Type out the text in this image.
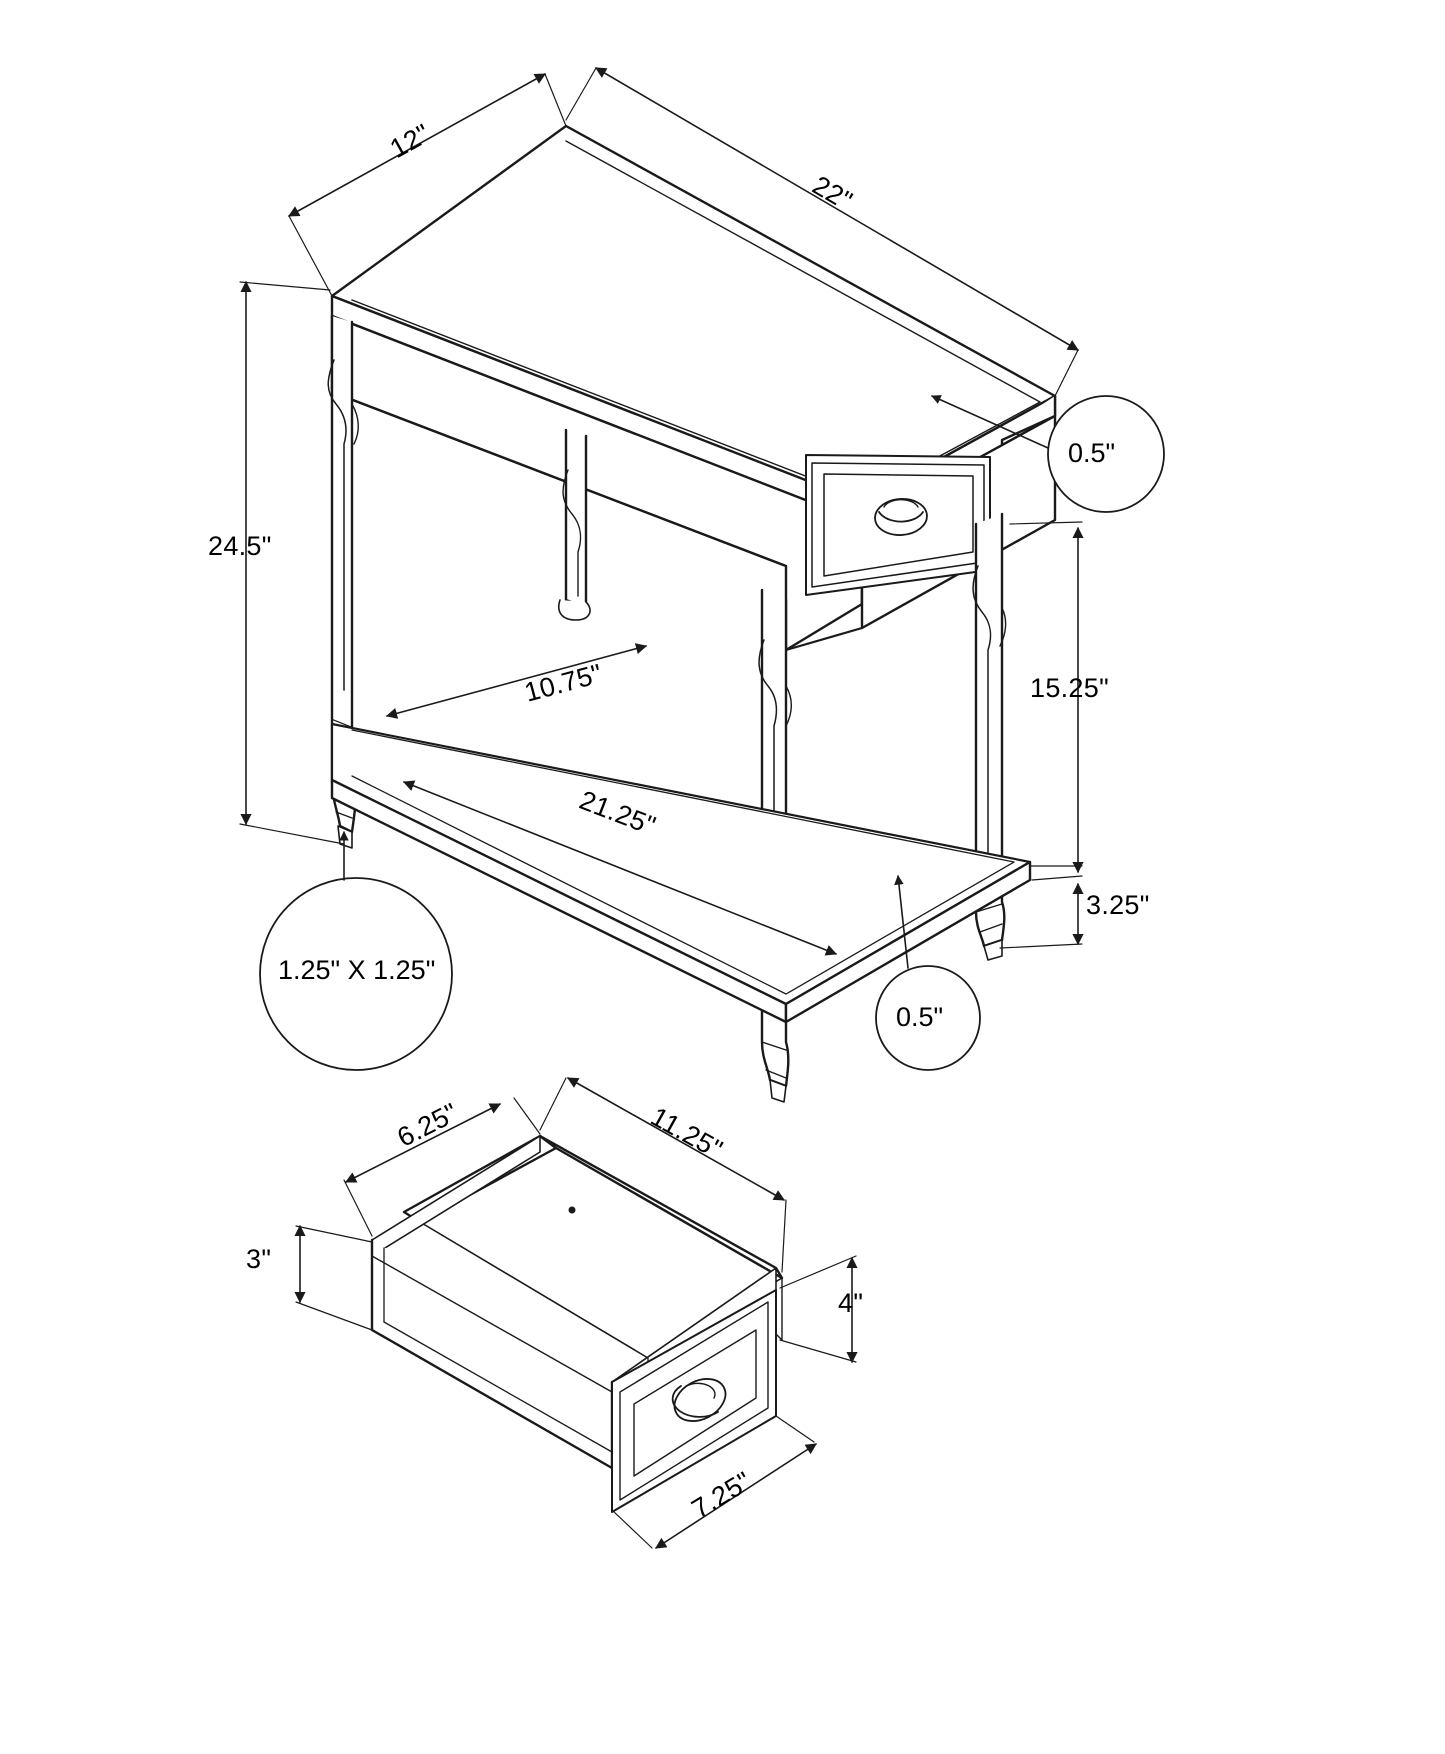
12"
22"
24.5"
0.5"
15.25"
10.75"
21.25"
3.25"
0.5"
1.25" X 1.25"
6.25"	11.25"
3"
4"
7.25"
